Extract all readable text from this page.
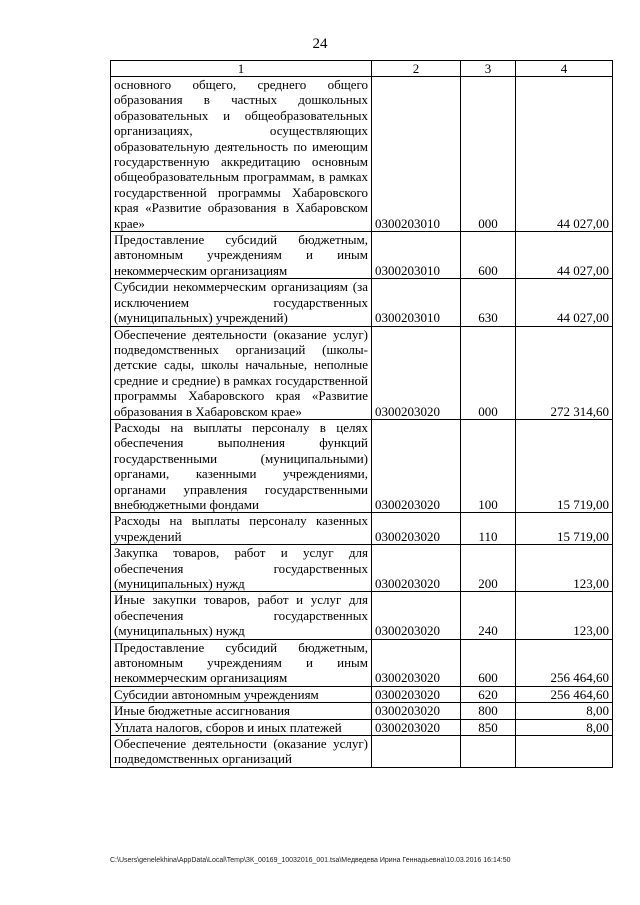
24
1	2	3	4
основного общего, среднего общего образования в частных дошкольных образовательных и общеобразовательных организациях, осуществляющих образовательную деятельность по имеющим государственную аккредитацию основным общеобразовательным программам, в рамках государственной программы Хабаровского края «Развитие образования в Хабаровском крае»	0300203010	000	44 027,00
Предоставление субсидий бюджетным, автономным учреждениям и иным некоммерческим организациям	0300203010	600	44 027,00
Субсидии некоммерческим организациям (за исключением государственных (муниципальных) учреждений)	0300203010	630	44 027,00
Обеспечение деятельности (оказание услуг) подведомственных организаций (школы-детские сады, школы начальные, неполные средние и средние) в рамках государственной программы Хабаровского края «Развитие образования в Хабаровском крае»	0300203020	000	272 314,60
Расходы на выплаты персоналу в целях обеспечения выполнения функций государственными (муниципальными) органами, казенными учреждениями, органами управления государственными внебюджетными фондами	0300203020	100	15 719,00
Расходы на выплаты персоналу казенных учреждений	0300203020	110	15 719,00
Закупка товаров, работ и услуг для обеспечения государственных (муниципальных) нужд	0300203020	200	123,00
Иные закупки товаров, работ и услуг для обеспечения государственных (муниципальных) нужд	0300203020	240	123,00
Предоставление субсидий бюджетным, автономным учреждениям и иным некоммерческим организациям	0300203020	600	256 464,60
Субсидии автономным учреждениям	0300203020	620	256 464,60
Иные бюджетные ассигнования	0300203020	800	8,00
Уплата налогов, сборов и иных платежей	0300203020	850	8,00
Обеспечение деятельности (оказание услуг) подведомственных организаций			
C:\Users\genelekhina\AppData\Local\Temp\ЗК_00169_10032016_001.tsa\Медведева Ирина Геннадьевна\10.03.2016 16:14:50
